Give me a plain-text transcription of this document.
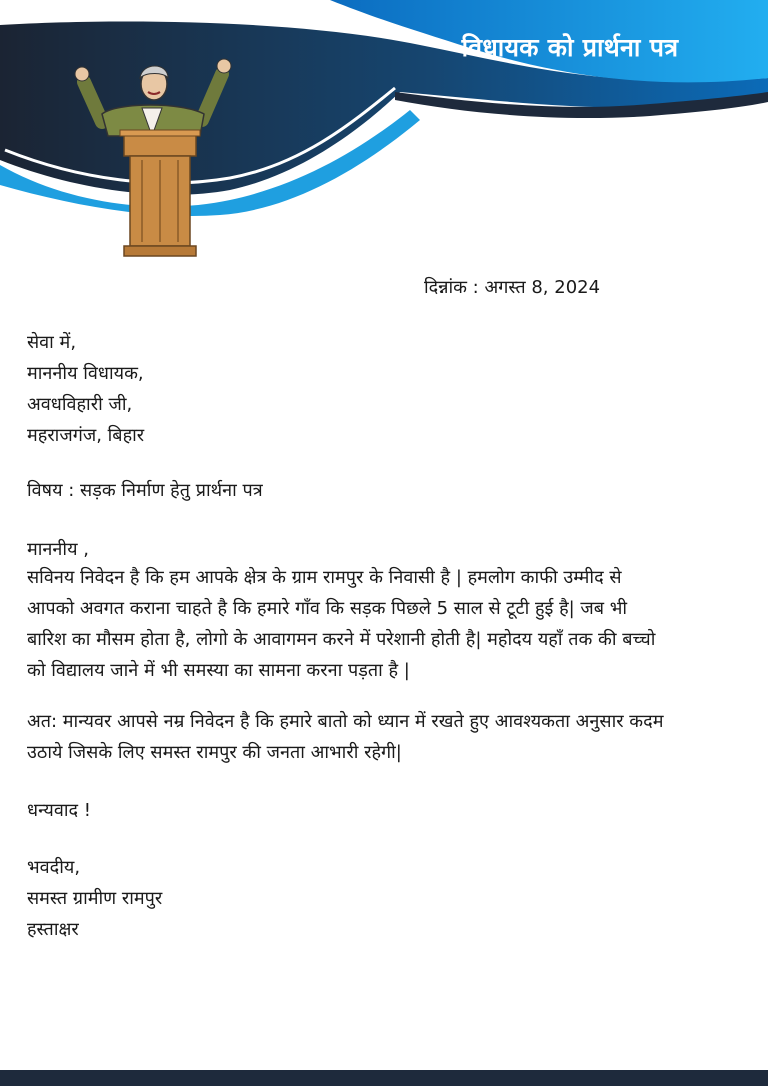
विधायक को प्रार्थना पत्र
दिन्नांक : अगस्त 8, 2024
सेवा में,
माननीय विधायक,
अवधविहारी जी,
महराजगंज, बिहार
विषय : सड़क निर्माण हेतु प्रार्थना पत्र
माननीय ,
सविनय निवेदन है कि हम आपके क्षेत्र के ग्राम रामपुर के निवासी है | हमलोग काफी उम्मीद से
आपको अवगत कराना चाहते है कि हमारे गाँव कि सड़क पिछले 5 साल से टूटी हुई है| जब भी
बारिश का मौसम होता है, लोगो के आवागमन करने में परेशानी होती है| महोदय यहाँ तक की बच्चो
को विद्यालय जाने में भी समस्या का सामना करना पड़ता है |
अत: मान्यवर आपसे नम्र निवेदन है कि हमारे बातो को ध्यान में रखते हुए आवश्यकता अनुसार कदम
उठाये जिसके लिए समस्त रामपुर की जनता आभारी रहेगी|
धन्यवाद !
भवदीय,
समस्त ग्रामीण रामपुर
हस्ताक्षर
